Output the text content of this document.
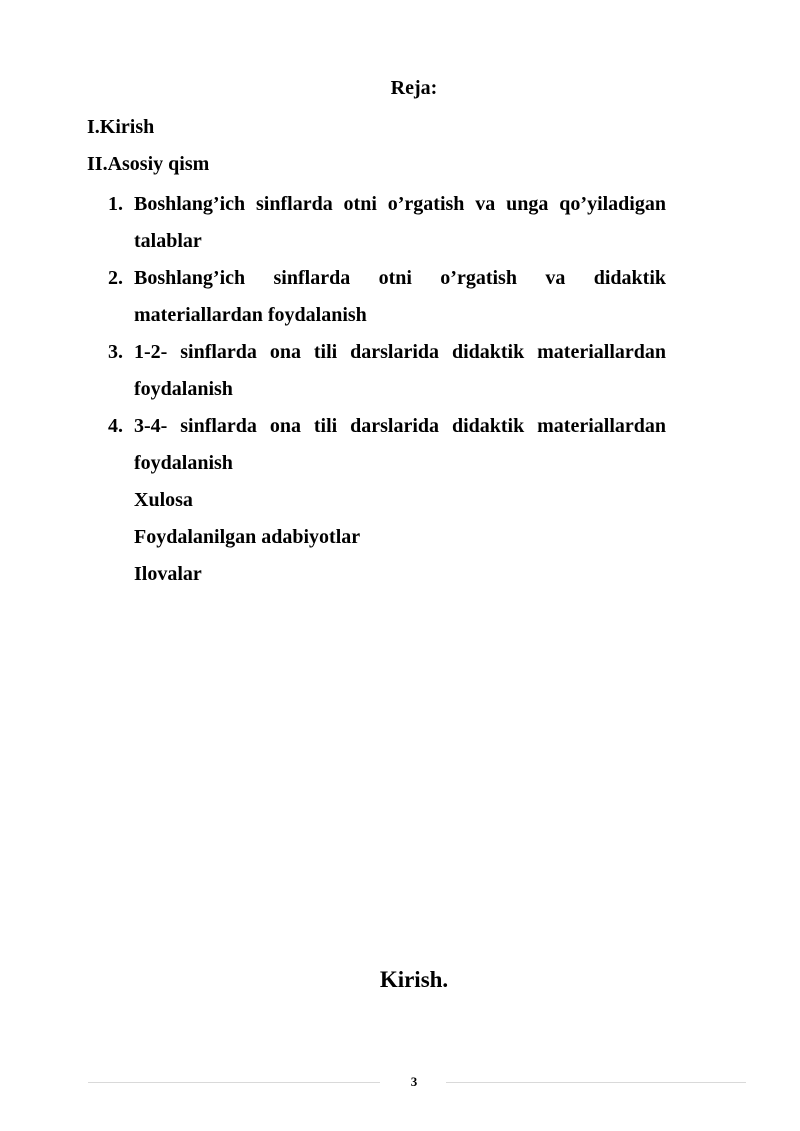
Reja:
I.Kirish
II.Asosiy qism
1. Boshlang’ich sinflarda otni o’rgatish va unga qo’yiladigan talablar
2. Boshlang’ich sinflarda otni o’rgatish va didaktik materiallardan foydalanish
3. 1-2- sinflarda ona tili darslarida didaktik materiallardan foydalanish
4. 3-4- sinflarda ona tili darslarida didaktik materiallardan foydalanish
Xulosa
Foydalanilgan adabiyotlar
Ilovalar
Kirish.
3
